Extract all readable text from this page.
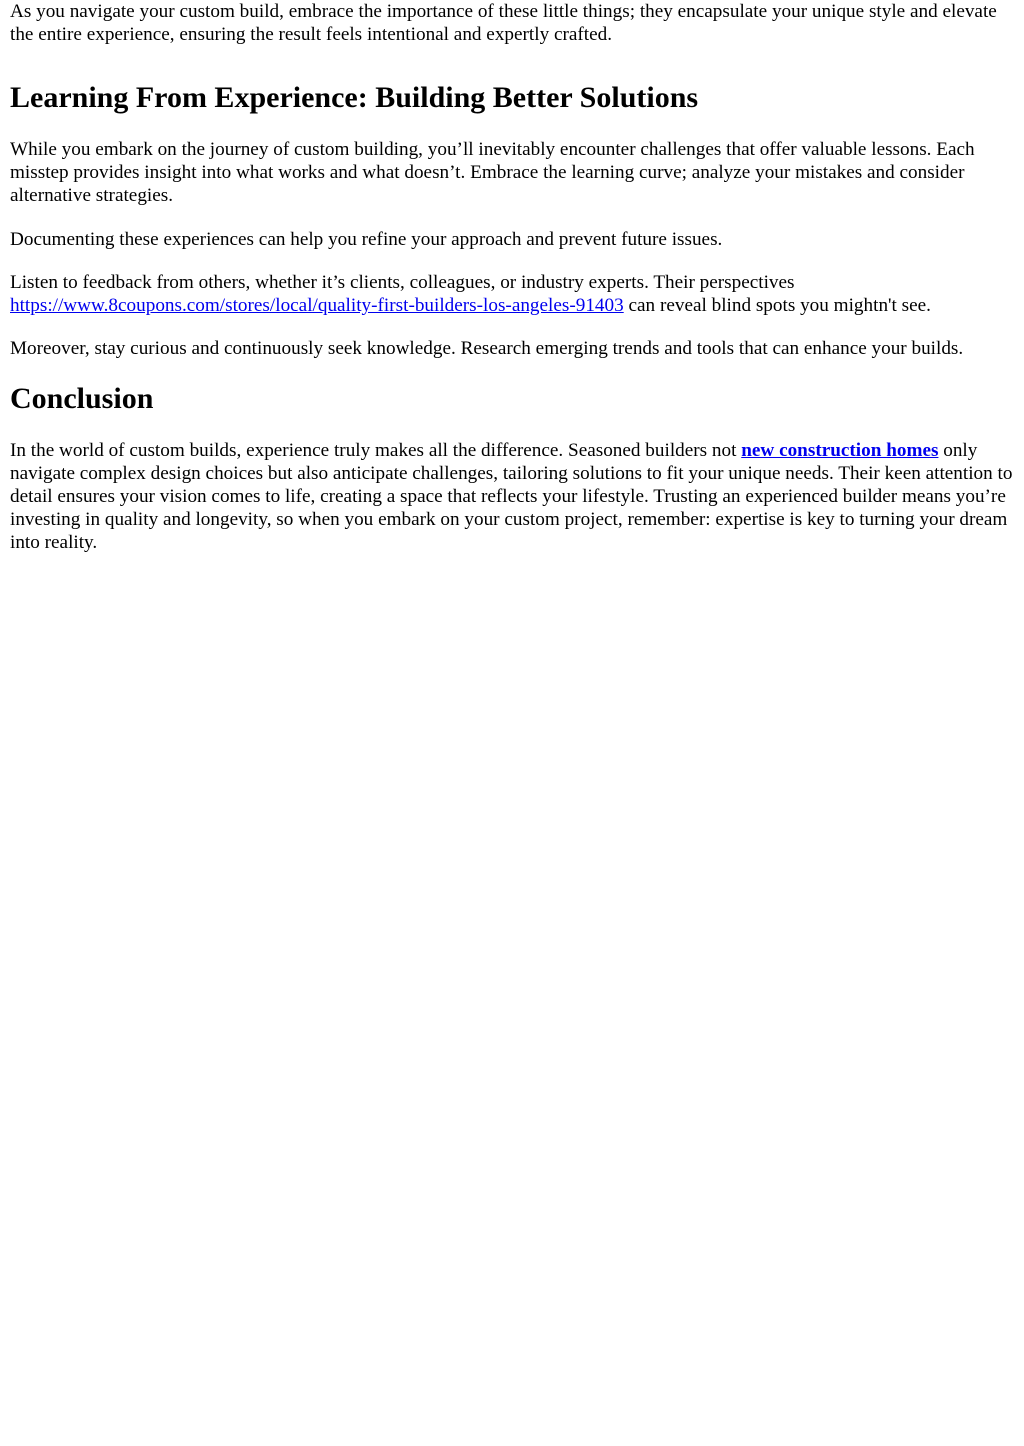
As you navigate your custom build, embrace the importance of these little things; they encapsulate your unique style and elevate the entire experience, ensuring the result feels intentional and expertly crafted.

Learning From Experience: Building Better Solutions

While you embark on the journey of custom building, you’ll inevitably encounter challenges that offer valuable lessons. Each misstep provides insight into what works and what doesn’t. Embrace the learning curve; analyze your mistakes and consider alternative strategies.

Documenting these experiences can help you refine your approach and prevent future issues.

Listen to feedback from others, whether it’s clients, colleagues, or industry experts. Their perspectives https://www.8coupons.com/stores/local/quality-first-builders-los-angeles-91403 can reveal blind spots you mightn't see.

Moreover, stay curious and continuously seek knowledge. Research emerging trends and tools that can enhance your builds.

Conclusion

In the world of custom builds, experience truly makes all the difference. Seasoned builders not new construction homes only navigate complex design choices but also anticipate challenges, tailoring solutions to fit your unique needs. Their keen attention to detail ensures your vision comes to life, creating a space that reflects your lifestyle. Trusting an experienced builder means you’re investing in quality and longevity, so when you embark on your custom project, remember: expertise is key to turning your dream into reality.
